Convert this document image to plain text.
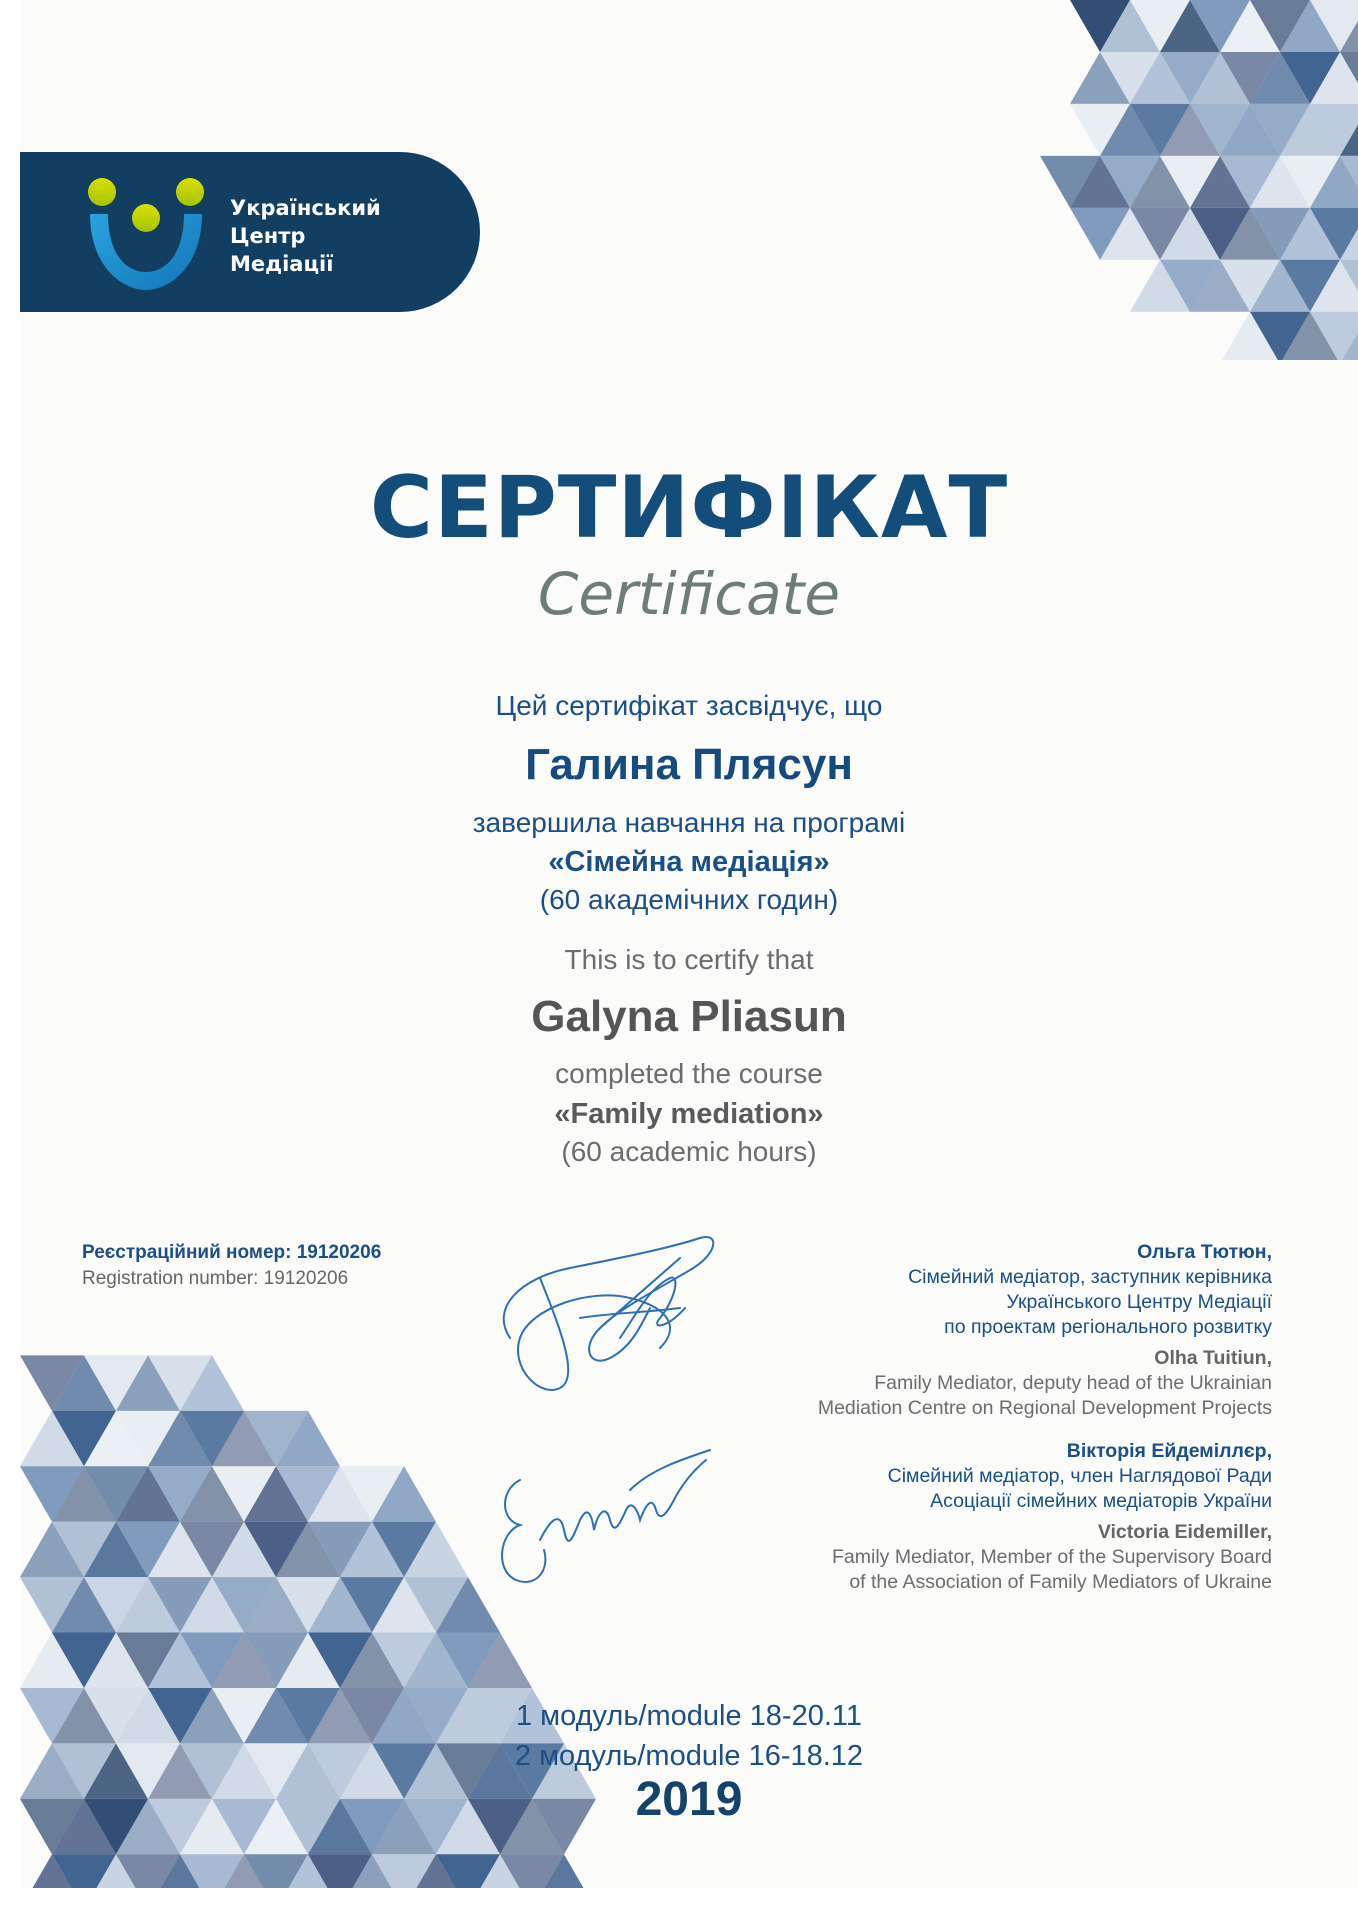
Український
Центр
Медіації
СЕРТИФІКАТ
Certificate
Цей сертифікат засвідчує, що
Галина Плясун
завершила навчання на програмі
«Сімейна медіація»
(60 академічних годин)
This is to certify that
Galyna Pliasun
completed the course
«Family mediation»
(60 academic hours)
Реєстраційний номер: 19120206
Registration number: 19120206
Ольга Тютюн,
Сімейний медіатор, заступник керівника
Українського Центру Медіації
по проектам регіонального розвитку
Olha Tuitiun,
Family Mediator, deputy head of the Ukrainian
Mediation Centre on Regional Development Projects
Вікторія Ейдеміллєр,
Сімейний медіатор, член Наглядової Ради
Асоціації сімейних медіаторів України
Victoria Eidemiller,
Family Mediator, Member of the Supervisory Board
of the Association of Family Mediators of Ukraine
1 модуль/module 18-20.11
2 модуль/module 16-18.12
2019
